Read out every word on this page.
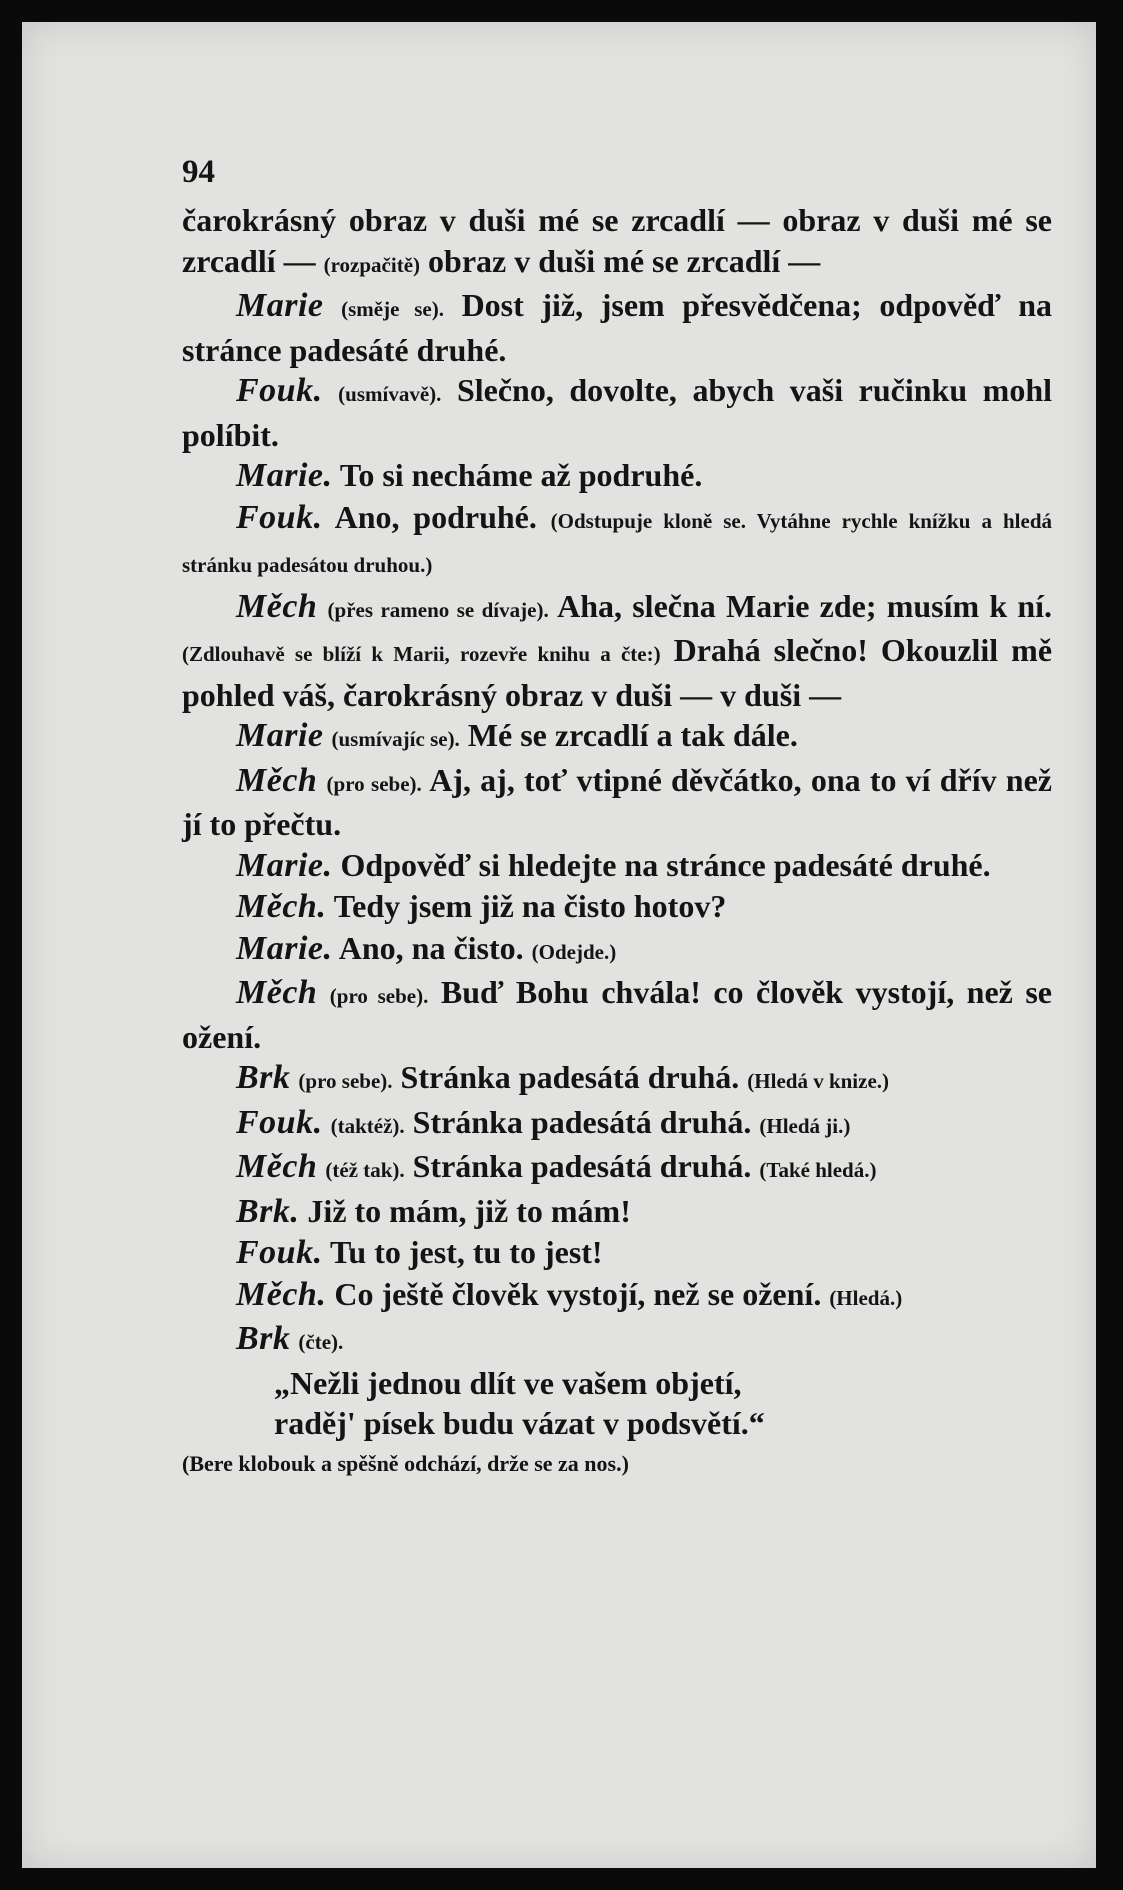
94

čarokrásný obraz v duši mé se zrcadlí — obraz v duši mé se zrcadlí — (rozpačitě) obraz v duši mé se zrcadlí —

Marie (směje se). Dost již, jsem přesvědčena; odpověď na stránce padesáté druhé.

Fouk. (usmívavě). Slečno, dovolte, abych vaši ručinku mohl políbit.

Marie. To si necháme až podruhé.

Fouk. Ano, podruhé. (Odstupuje kloně se. Vytáhne rychle knížku a hledá stránku padesátou druhou.)

Měch (přes rameno se dívaje). Aha, slečna Marie zde; musím k ní. (Zdlouhavě se blíží k Marii, rozevře knihu a čte:) Drahá slečno! Okouzlil mě pohled váš, čarokrásný obraz v duši — v duši —

Marie (usmívajíc se). Mé se zrcadlí a tak dále.

Měch (pro sebe). Aj, aj, toť vtipné děvčátko, ona to ví dřív než jí to přečtu.

Marie. Odpověď si hledejte na stránce padesáté druhé.

Měch. Tedy jsem již na čisto hotov?

Marie. Ano, na čisto. (Odejde.)

Měch (pro sebe). Buď Bohu chvála! co člověk vystojí, než se ožení.

Brk (pro sebe). Stránka padesátá druhá. (Hledá v knize.)

Fouk. (taktéž). Stránka padesátá druhá. (Hledá ji.)

Měch (též tak). Stránka padesátá druhá. (Také hledá.)

Brk. Již to mám, již to mám!

Fouk. Tu to jest, tu to jest!

Měch. Co ještě člověk vystojí, než se ožení. (Hledá.)

Brk (čte).

„Nežli jednou dlít ve vašem objetí,

raděj' písek budu vázat v podsvětí.“

(Bere klobouk a spěšně odchází, drže se za nos.)
